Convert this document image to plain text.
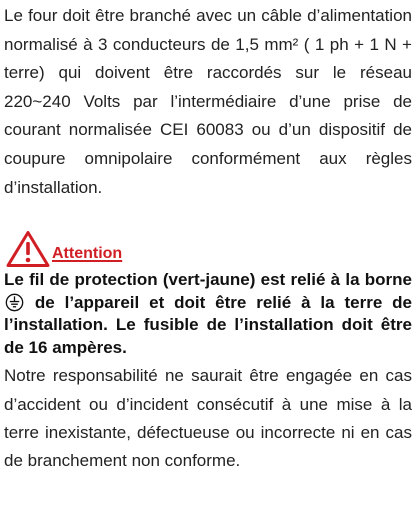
Le four doit être branché avec un câble d’alimentation normalisé à 3 conducteurs de 1,5 mm² ( 1 ph + 1 N + terre) qui doivent être raccordés sur le réseau 220~240 Volts par l’intermédiaire d’une prise de courant normalisée CEI 60083 ou d’un dispositif de coupure omnipolaire conformément aux règles d’installation.

Attention

Le fil de protection (vert-jaune) est relié à la borne  de l’appareil et doit être relié à la terre de l’installation. Le fusible de l’installation doit être de 16 ampères.

Notre responsabilité ne saurait être engagée en cas d’accident ou d’incident consécutif à une mise à la terre inexistante, défectueuse ou incorrecte ni en cas de branchement non conforme.
